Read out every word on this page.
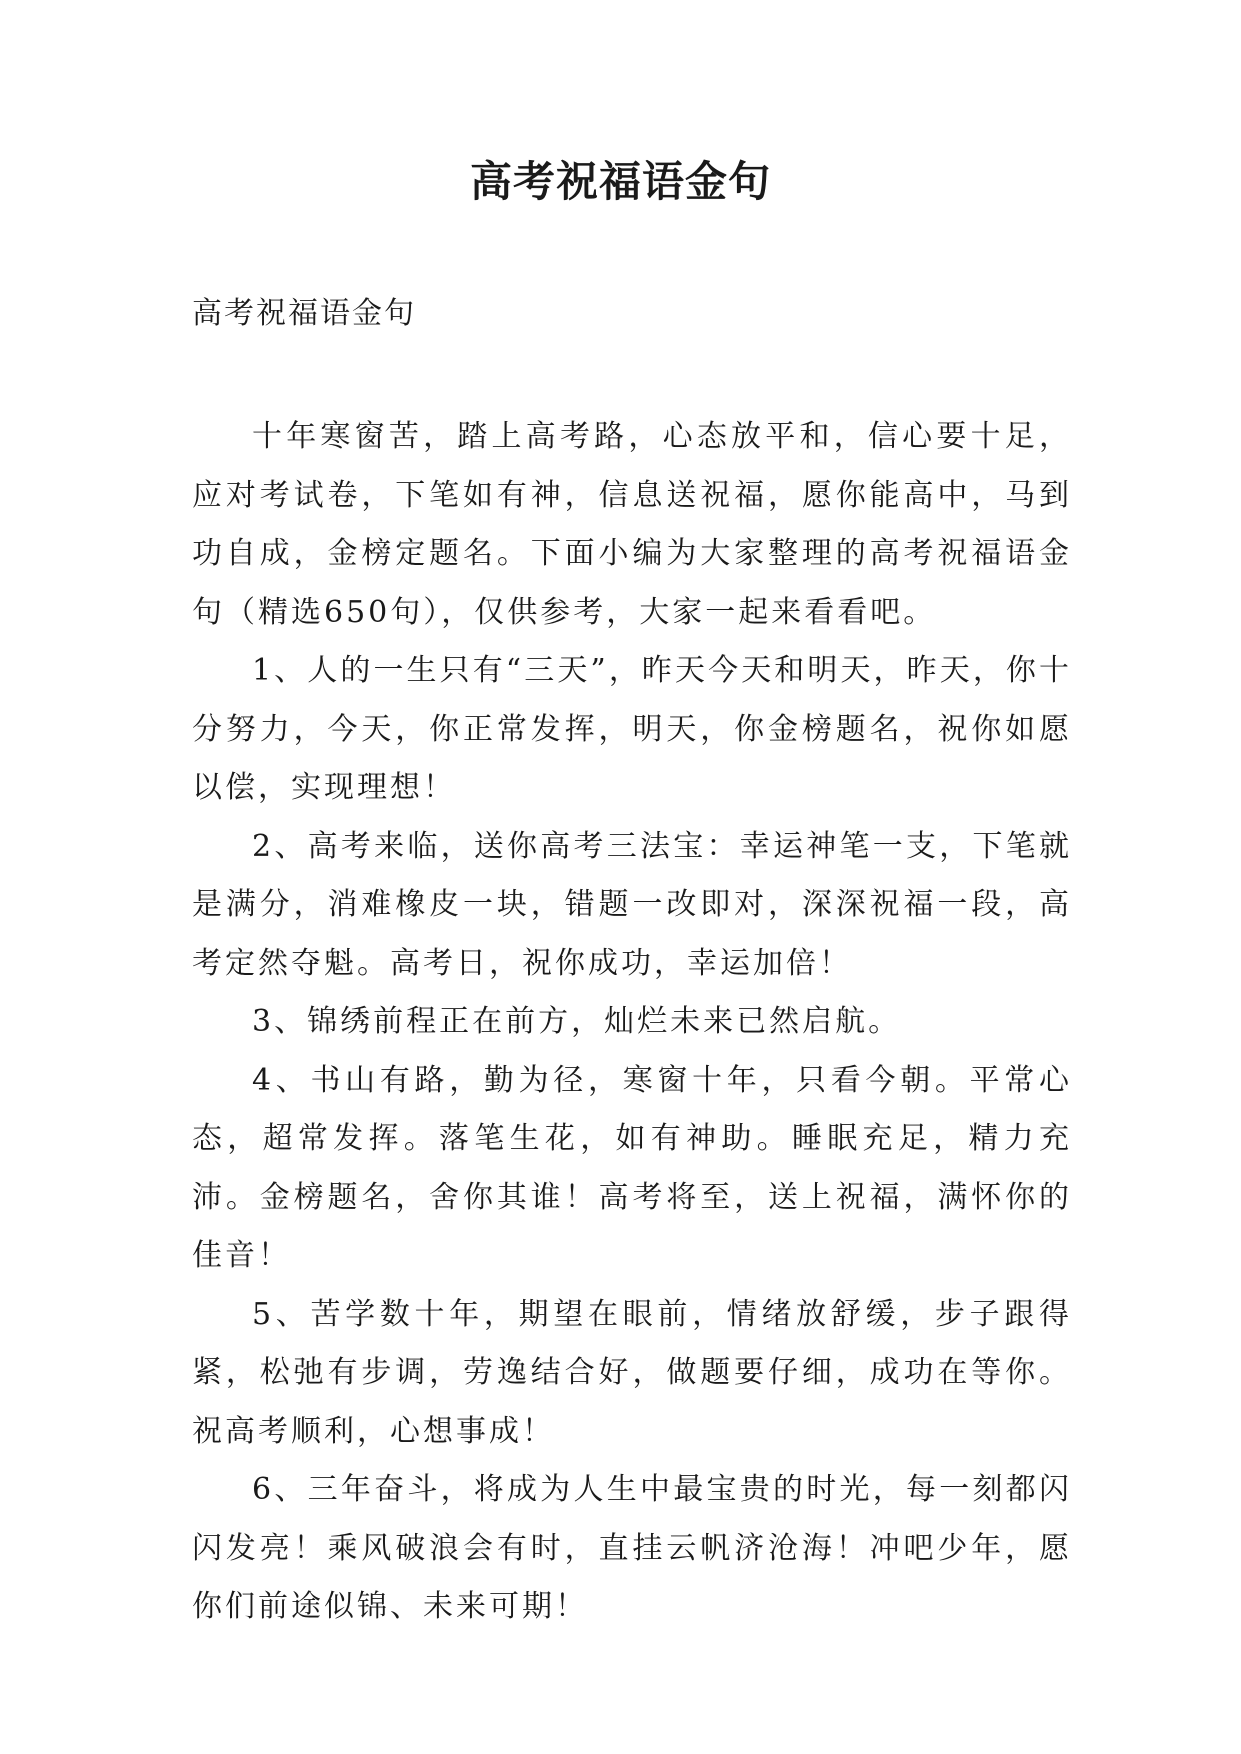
高考祝福语金句
高考祝福语金句

十年寒窗苦，踏上高考路，心态放平和，信心要十足，应对考试卷，下笔如有神，信息送祝福，愿你能高中，马到功自成，金榜定题名。下面小编为大家整理的高考祝福语金句（精选650句），仅供参考，大家一起来看看吧。

1、人的一生只有“三天”，昨天今天和明天，昨天，你十分努力，今天，你正常发挥，明天，你金榜题名，祝你如愿以偿，实现理想！

2、高考来临，送你高考三法宝：幸运神笔一支，下笔就是满分，消难橡皮一块，错题一改即对，深深祝福一段，高考定然夺魁。高考日，祝你成功，幸运加倍！

3、锦绣前程正在前方，灿烂未来已然启航。

4、书山有路，勤为径，寒窗十年，只看今朝。平常心态，超常发挥。落笔生花，如有神助。睡眠充足，精力充沛。金榜题名，舍你其谁！高考将至，送上祝福，满怀你的佳音！

5、苦学数十年，期望在眼前，情绪放舒缓，步子跟得紧，松弛有步调，劳逸结合好，做题要仔细，成功在等你。祝高考顺利，心想事成！

6、三年奋斗，将成为人生中最宝贵的时光，每一刻都闪闪发亮！乘风破浪会有时，直挂云帆济沧海！冲吧少年，愿你们前途似锦、未来可期！
